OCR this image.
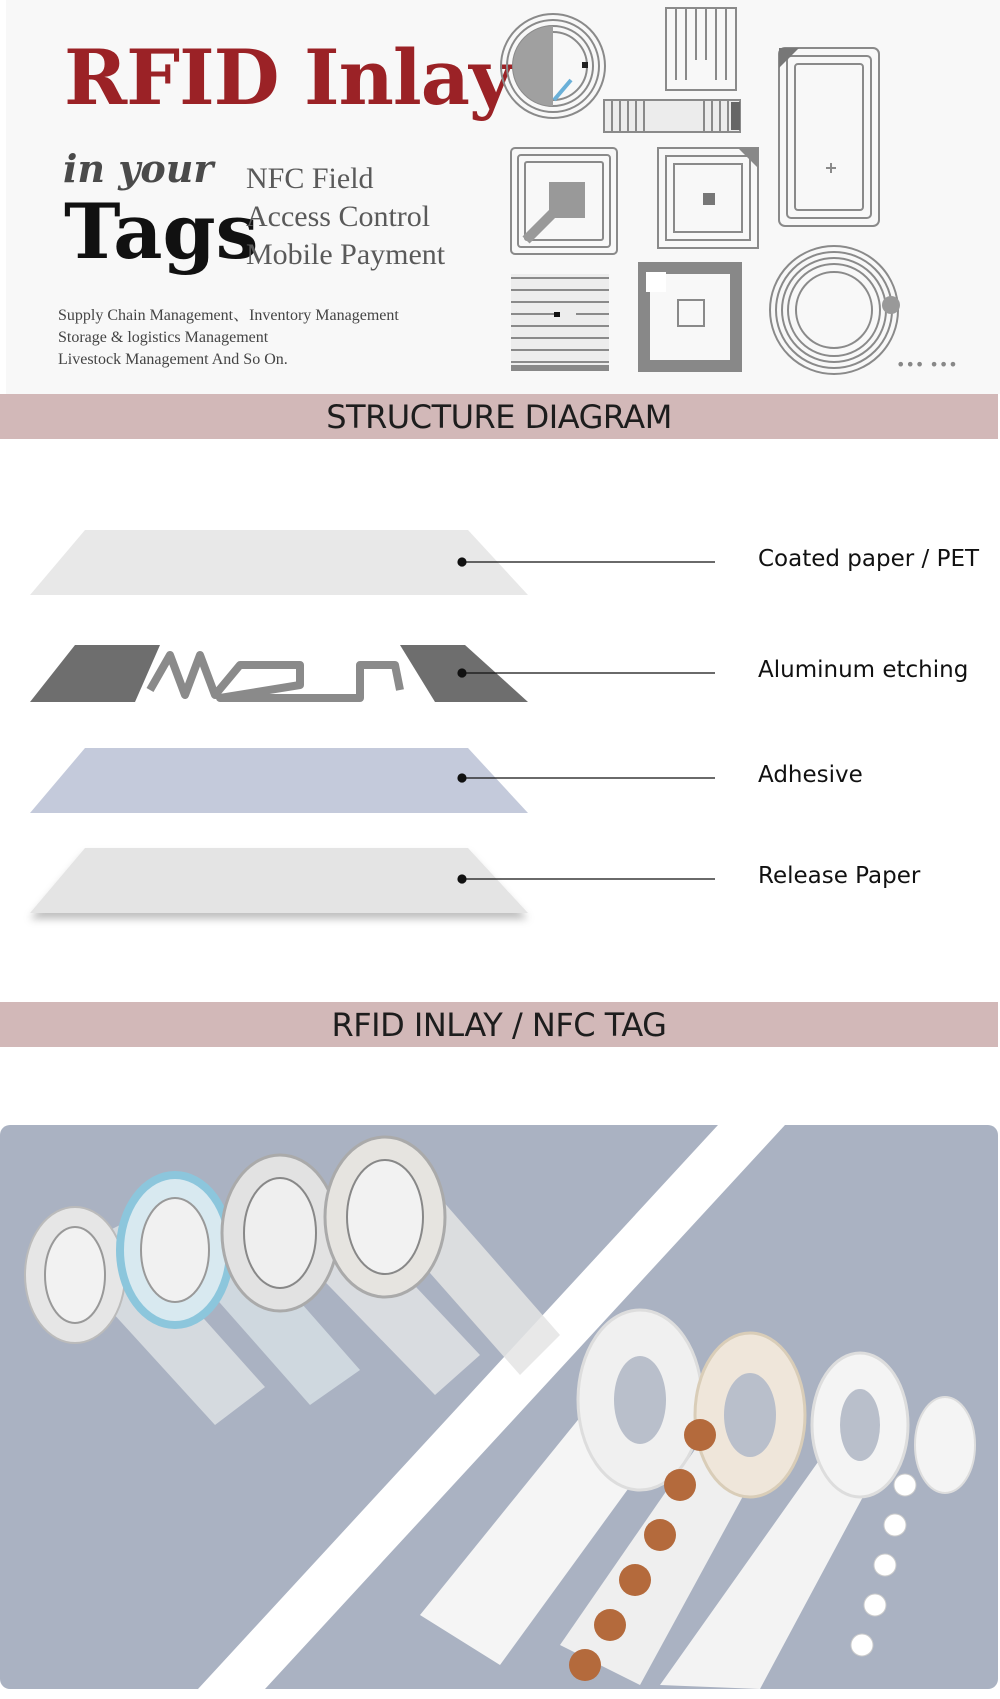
RFID Inlay
in your
Tags
NFC Field
Access Control
Mobile Payment
Supply Chain Management、Inventory Management
Storage & logistics Management
Livestock Management And So On.	••• •••
STRUCTURE DIAGRAM
Coated paper / PET
Aluminum etching
Adhesive
Release Paper
RFID INLAY / NFC TAG
